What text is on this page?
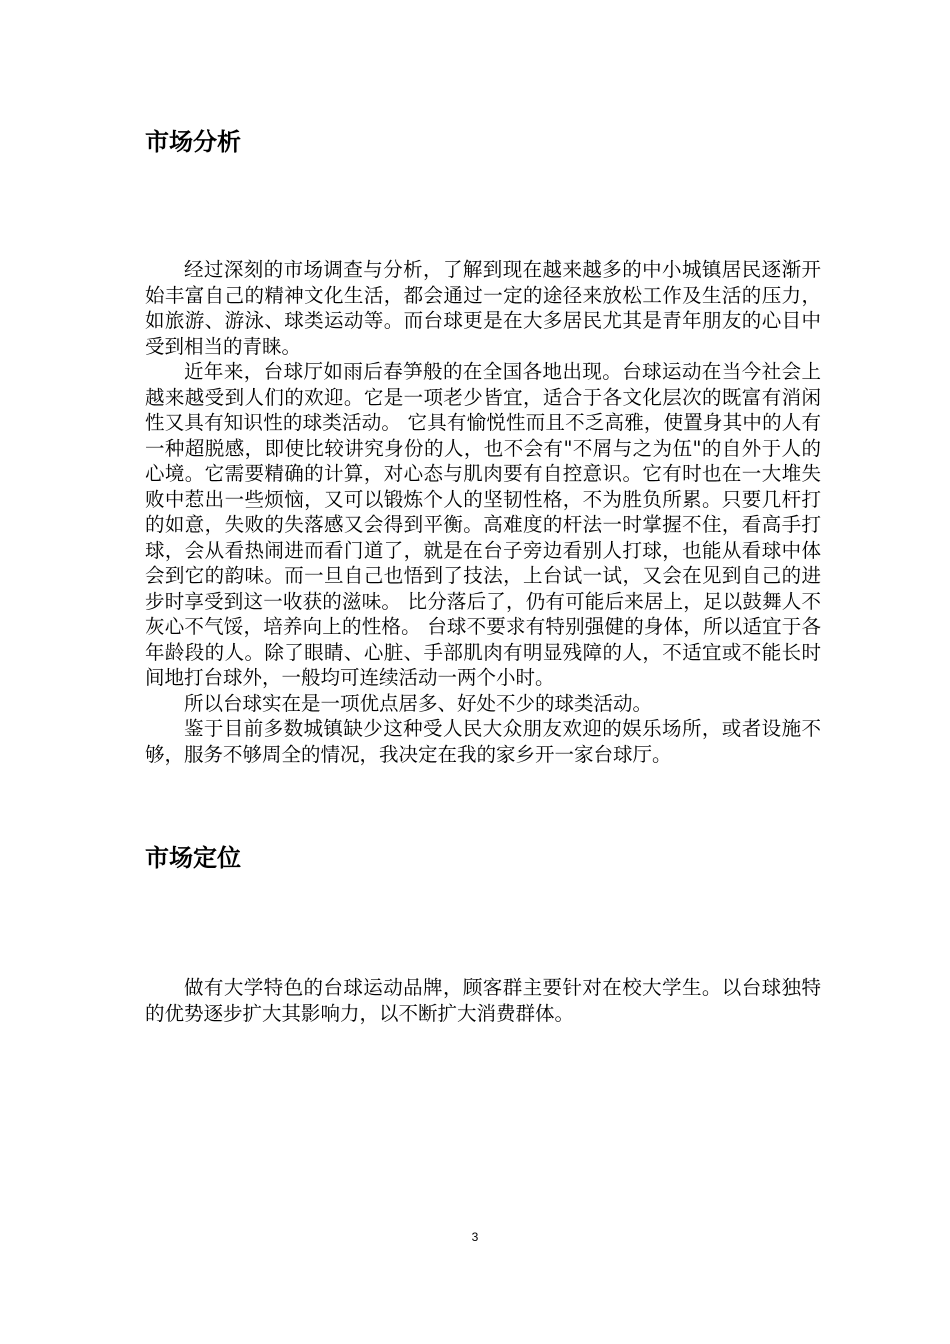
市场分析
经过深刻的市场调查与分析，了解到现在越来越多的中小城镇居民逐渐开
始丰富自己的精神文化生活，都会通过一定的途径来放松工作及生活的压力，
如旅游、游泳、球类运动等。而台球更是在大多居民尤其是青年朋友的心目中
受到相当的青睐。
近年来，台球厅如雨后春笋般的在全国各地出现。台球运动在当今社会上
越来越受到人们的欢迎。它是一项老少皆宜，适合于各文化层次的既富有消闲
性又具有知识性的球类活动。 它具有愉悦性而且不乏高雅，使置身其中的人有
一种超脱感，即使比较讲究身份的人，也不会有"不屑与之为伍"的自外于人的
心境。它需要精确的计算，对心态与肌肉要有自控意识。它有时也在一大堆失
败中惹出一些烦恼，又可以锻炼个人的坚韧性格，不为胜负所累。只要几杆打
的如意，失败的失落感又会得到平衡。高难度的杆法一时掌握不住，看高手打
球，会从看热闹进而看门道了，就是在台子旁边看别人打球，也能从看球中体
会到它的韵味。而一旦自己也悟到了技法，上台试一试，又会在见到自己的进
步时享受到这一收获的滋味。 比分落后了，仍有可能后来居上，足以鼓舞人不
灰心不气馁，培养向上的性格。 台球不要求有特别强健的身体，所以适宜于各
年龄段的人。除了眼睛、心脏、手部肌肉有明显残障的人，不适宜或不能长时
间地打台球外，一般均可连续活动一两个小时。
所以台球实在是一项优点居多、好处不少的球类活动。
鉴于目前多数城镇缺少这种受人民大众朋友欢迎的娱乐场所，或者设施不
够，服务不够周全的情况，我决定在我的家乡开一家台球厅。
市场定位
做有大学特色的台球运动品牌，顾客群主要针对在校大学生。以台球独特
的优势逐步扩大其影响力，以不断扩大消费群体。
3
